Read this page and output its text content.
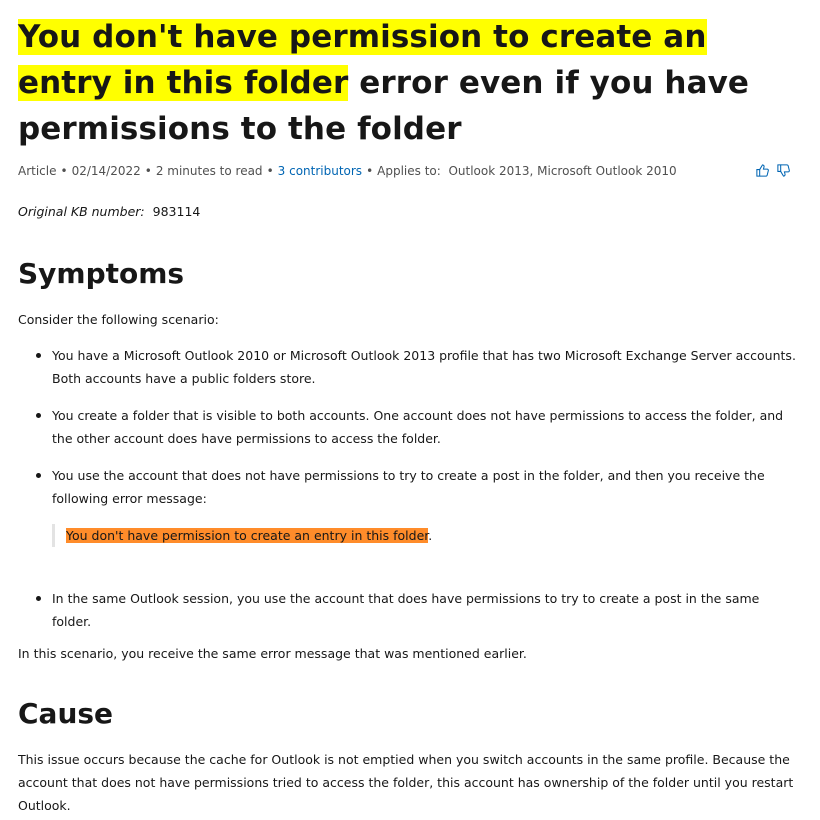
You don't have permission to create an entry in this folder error even if you have permissions to the folder
Article • 02/14/2022 • 2 minutes to read • 3 contributors • Applies to: Outlook 2013, Microsoft Outlook 2010
Original KB number: 983114
Symptoms

Consider the following scenario:

You have a Microsoft Outlook 2010 or Microsoft Outlook 2013 profile that has two Microsoft Exchange Server accounts. Both accounts have a public folders store.
You create a folder that is visible to both accounts. One account does not have permissions to access the folder, and the other account does have permissions to access the folder.
You use the account that does not have permissions to try to create a post in the folder, and then you receive the following error message:
You don't have permission to create an entry in this folder.
In the same Outlook session, you use the account that does have permissions to try to create a post in the same folder.

In this scenario, you receive the same error message that was mentioned earlier.

Cause

This issue occurs because the cache for Outlook is not emptied when you switch accounts in the same profile. Because the account that does not have permissions tried to access the folder, this account has ownership of the folder until you restart Outlook.
